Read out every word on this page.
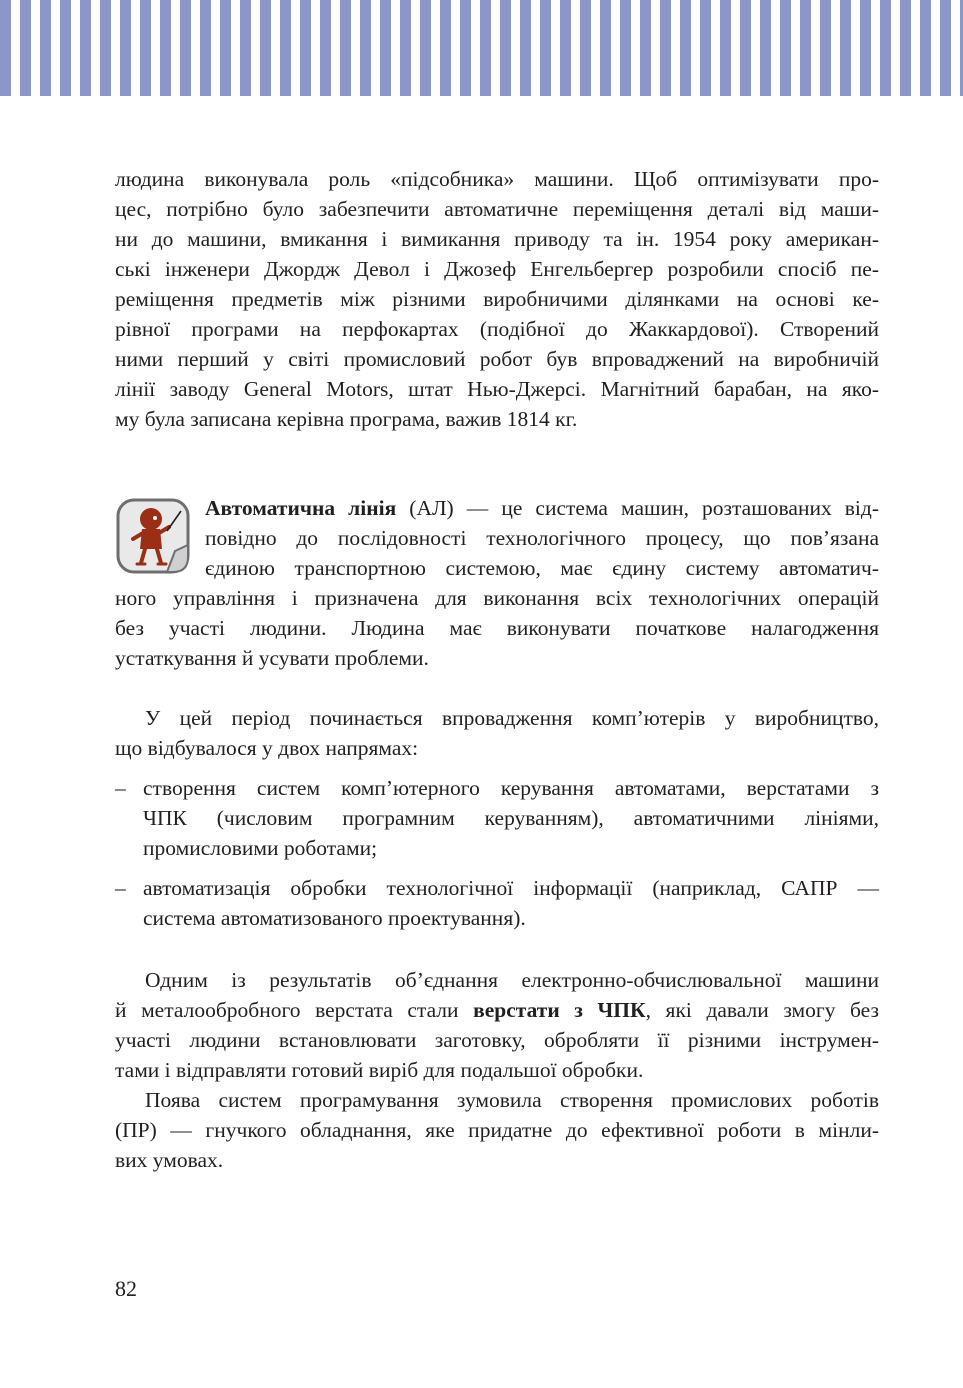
людина виконувала роль «підсобника» машини. Щоб оптимізувати про-
цес, потрібно було забезпечити автоматичне переміщення деталі від маши-
ни до машини, вмикання і вимикання приводу та ін. 1954 року американ-
ські інженери Джордж Девол і Джозеф Енгельбергер розробили спосіб пе-
реміщення предметів між різними виробничими ділянками на основі ке-
рівної програми на перфокартах (подібної до Жаккардової). Створений
ними перший у світі промисловий робот був впроваджений на виробничій
лінії заводу General Motors, штат Нью-Джерсі. Магнітний барабан, на яко-
му була записана керівна програма, важив 1814 кг.
Автоматична лінія (АЛ) — це система машин, розташованих від-
повідно до послідовності технологічного процесу, що пов’язана
єдиною транспортною системою, має єдину систему автоматич-
ного управління і призначена для виконання всіх технологічних операцій
без участі людини. Людина має виконувати початкове налагодження
устаткування й усувати проблеми.
У цей період починається впровадження комп’ютерів у виробництво,
що відбувалося у двох напрямах:
– створення систем комп’ютерного керування автоматами, верстатами з
ЧПК (числовим програмним керуванням), автоматичними лініями,
промисловими роботами;
– автоматизація обробки технологічної інформації (наприклад, САПР —
система автоматизованого проектування).
Одним із результатів об’єднання електронно-обчислювальної машини
й металообробного верстата стали верстати з ЧПК, які давали змогу без
участі людини встановлювати заготовку, обробляти її різними інструмен-
тами і відправляти готовий виріб для подальшої обробки.
Поява систем програмування зумовила створення промислових роботів
(ПР) — гнучкого обладнання, яке придатне до ефективної роботи в мінли-
вих умовах.
82
